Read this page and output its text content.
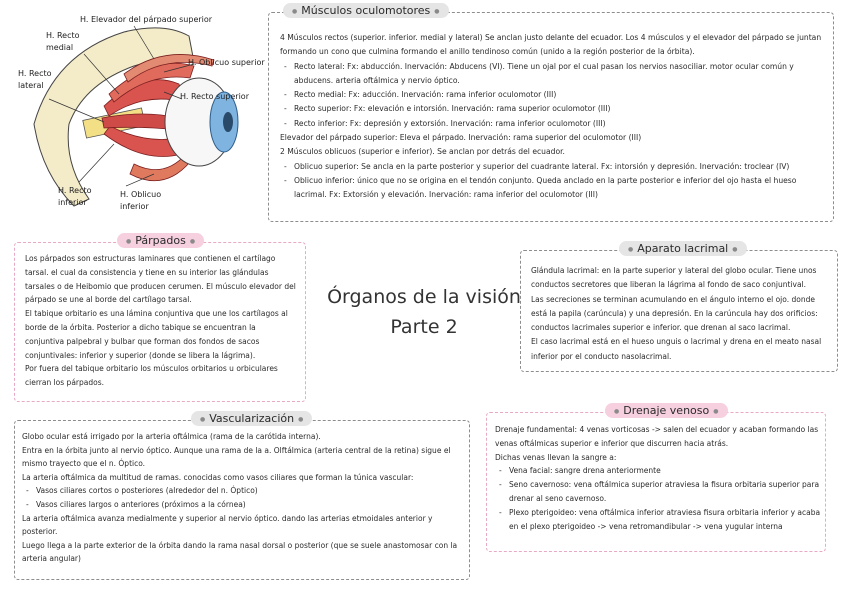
Órganos de la visión
Parte 2
H. Elevador del párpado superior
H. Recto medial
H. Recto lateral
H. Oblicuo superior
H. Recto superior
H. Recto inferior
H. Oblicuo inferior
● Músculos oculomotores ●

4 Músculos rectos (superior. inferior. medial y lateral) Se anclan justo delante del ecuador. Los 4 músculos y el elevador del párpado se juntan formando un cono que culmina formando el anillo tendinoso común (unido a la región posterior de la órbita).

- Recto lateral: Fx: abducción. Inervación: Abducens (VI). Tiene un ojal por el cual pasan los nervios nasociliar. motor ocular común y abducens. arteria oftálmica y nervio óptico.
- Recto medial: Fx: aducción. Inervación: rama inferior oculomotor (III)
- Recto superior: Fx: elevación e intorsión. Inervación: rama superior oculomotor (III)
- Recto inferior: Fx: depresión y extorsión. Inervación: rama inferior oculomotor (III)

Elevador del párpado superior: Eleva el párpado. Inervación: rama superior del oculomotor (III)

2 Músculos oblicuos (superior e inferior). Se anclan por detrás del ecuador.

- Oblicuo superior: Se ancla en la parte posterior y superior del cuadrante lateral. Fx: intorsión y depresión. Inervación: troclear (IV)
- Oblicuo inferior: único que no se origina en el tendón conjunto. Queda anclado en la parte posterior e inferior del ojo hasta el hueso lacrimal. Fx: Extorsión y elevación. Inervación: rama inferior del oculomotor (III)
● Párpados ●

Los párpados son estructuras laminares que contienen el cartílago tarsal. el cual da consistencia y tiene en su interior las glándulas tarsales o de Heibomio que producen cerumen. El músculo elevador del párpado se une al borde del cartílago tarsal.

El tabique orbitario es una lámina conjuntiva que une los cartílagos al borde de la órbita. Posterior a dicho tabique se encuentran la conjuntiva palpebral y bulbar que forman dos fondos de sacos conjuntivales: inferior y superior (donde se libera la lágrima).

Por fuera del tabique orbitario los músculos orbitarios u orbiculares cierran los párpados.

● Aparato lacrimal ●

Glándula lacrimal: en la parte superior y lateral del globo ocular. Tiene unos conductos secretores que liberan la lágrima al fondo de saco conjuntival.

Las secreciones se terminan acumulando en el ángulo interno el ojo. donde está la papila (carúncula) y una depresión. En la carúncula hay dos orificios: conductos lacrimales superior e inferior. que drenan al saco lacrimal.

El caso lacrimal está en el hueso unguis o lacrimal y drena en el meato nasal inferior por el conducto nasolacrimal.

● Vascularización ●

Globo ocular está irrigado por la arteria oftálmica (rama de la carótida interna).

Entra en la órbita junto al nervio óptico. Aunque una rama de la a. Olftálmica (arteria central de la retina) sigue el mismo trayecto que el n. Óptico.

La arteria oftálmica da multitud de ramas. conocidas como vasos ciliares que forman la túnica vascular:

- Vasos ciliares cortos o posteriores (alrededor del n. Óptico)
- Vasos ciliares largos o anteriores (próximos a la córnea)

La arteria oftálmica avanza medialmente y superior al nervio óptico. dando las arterias etmoidales anterior y posterior.

Luego llega a la parte exterior de la órbita dando la rama nasal dorsal o posterior (que se suele anastomosar con la arteria angular)

● Drenaje venoso ●

Drenaje fundamental: 4 venas vorticosas -> salen del ecuador y acaban formando las venas oftálmicas superior e inferior que discurren hacia atrás.

Dichas venas llevan la sangre a:

- Vena facial: sangre drena anteriormente
- Seno cavernoso: vena oftálmica superior atraviesa la fisura orbitaria superior para drenar al seno cavernoso.
- Plexo pterigoideo: vena oftálmica inferior atraviesa fisura orbitaria inferior y acaba en el plexo pterigoideo -> vena retromandibular -> vena yugular interna
